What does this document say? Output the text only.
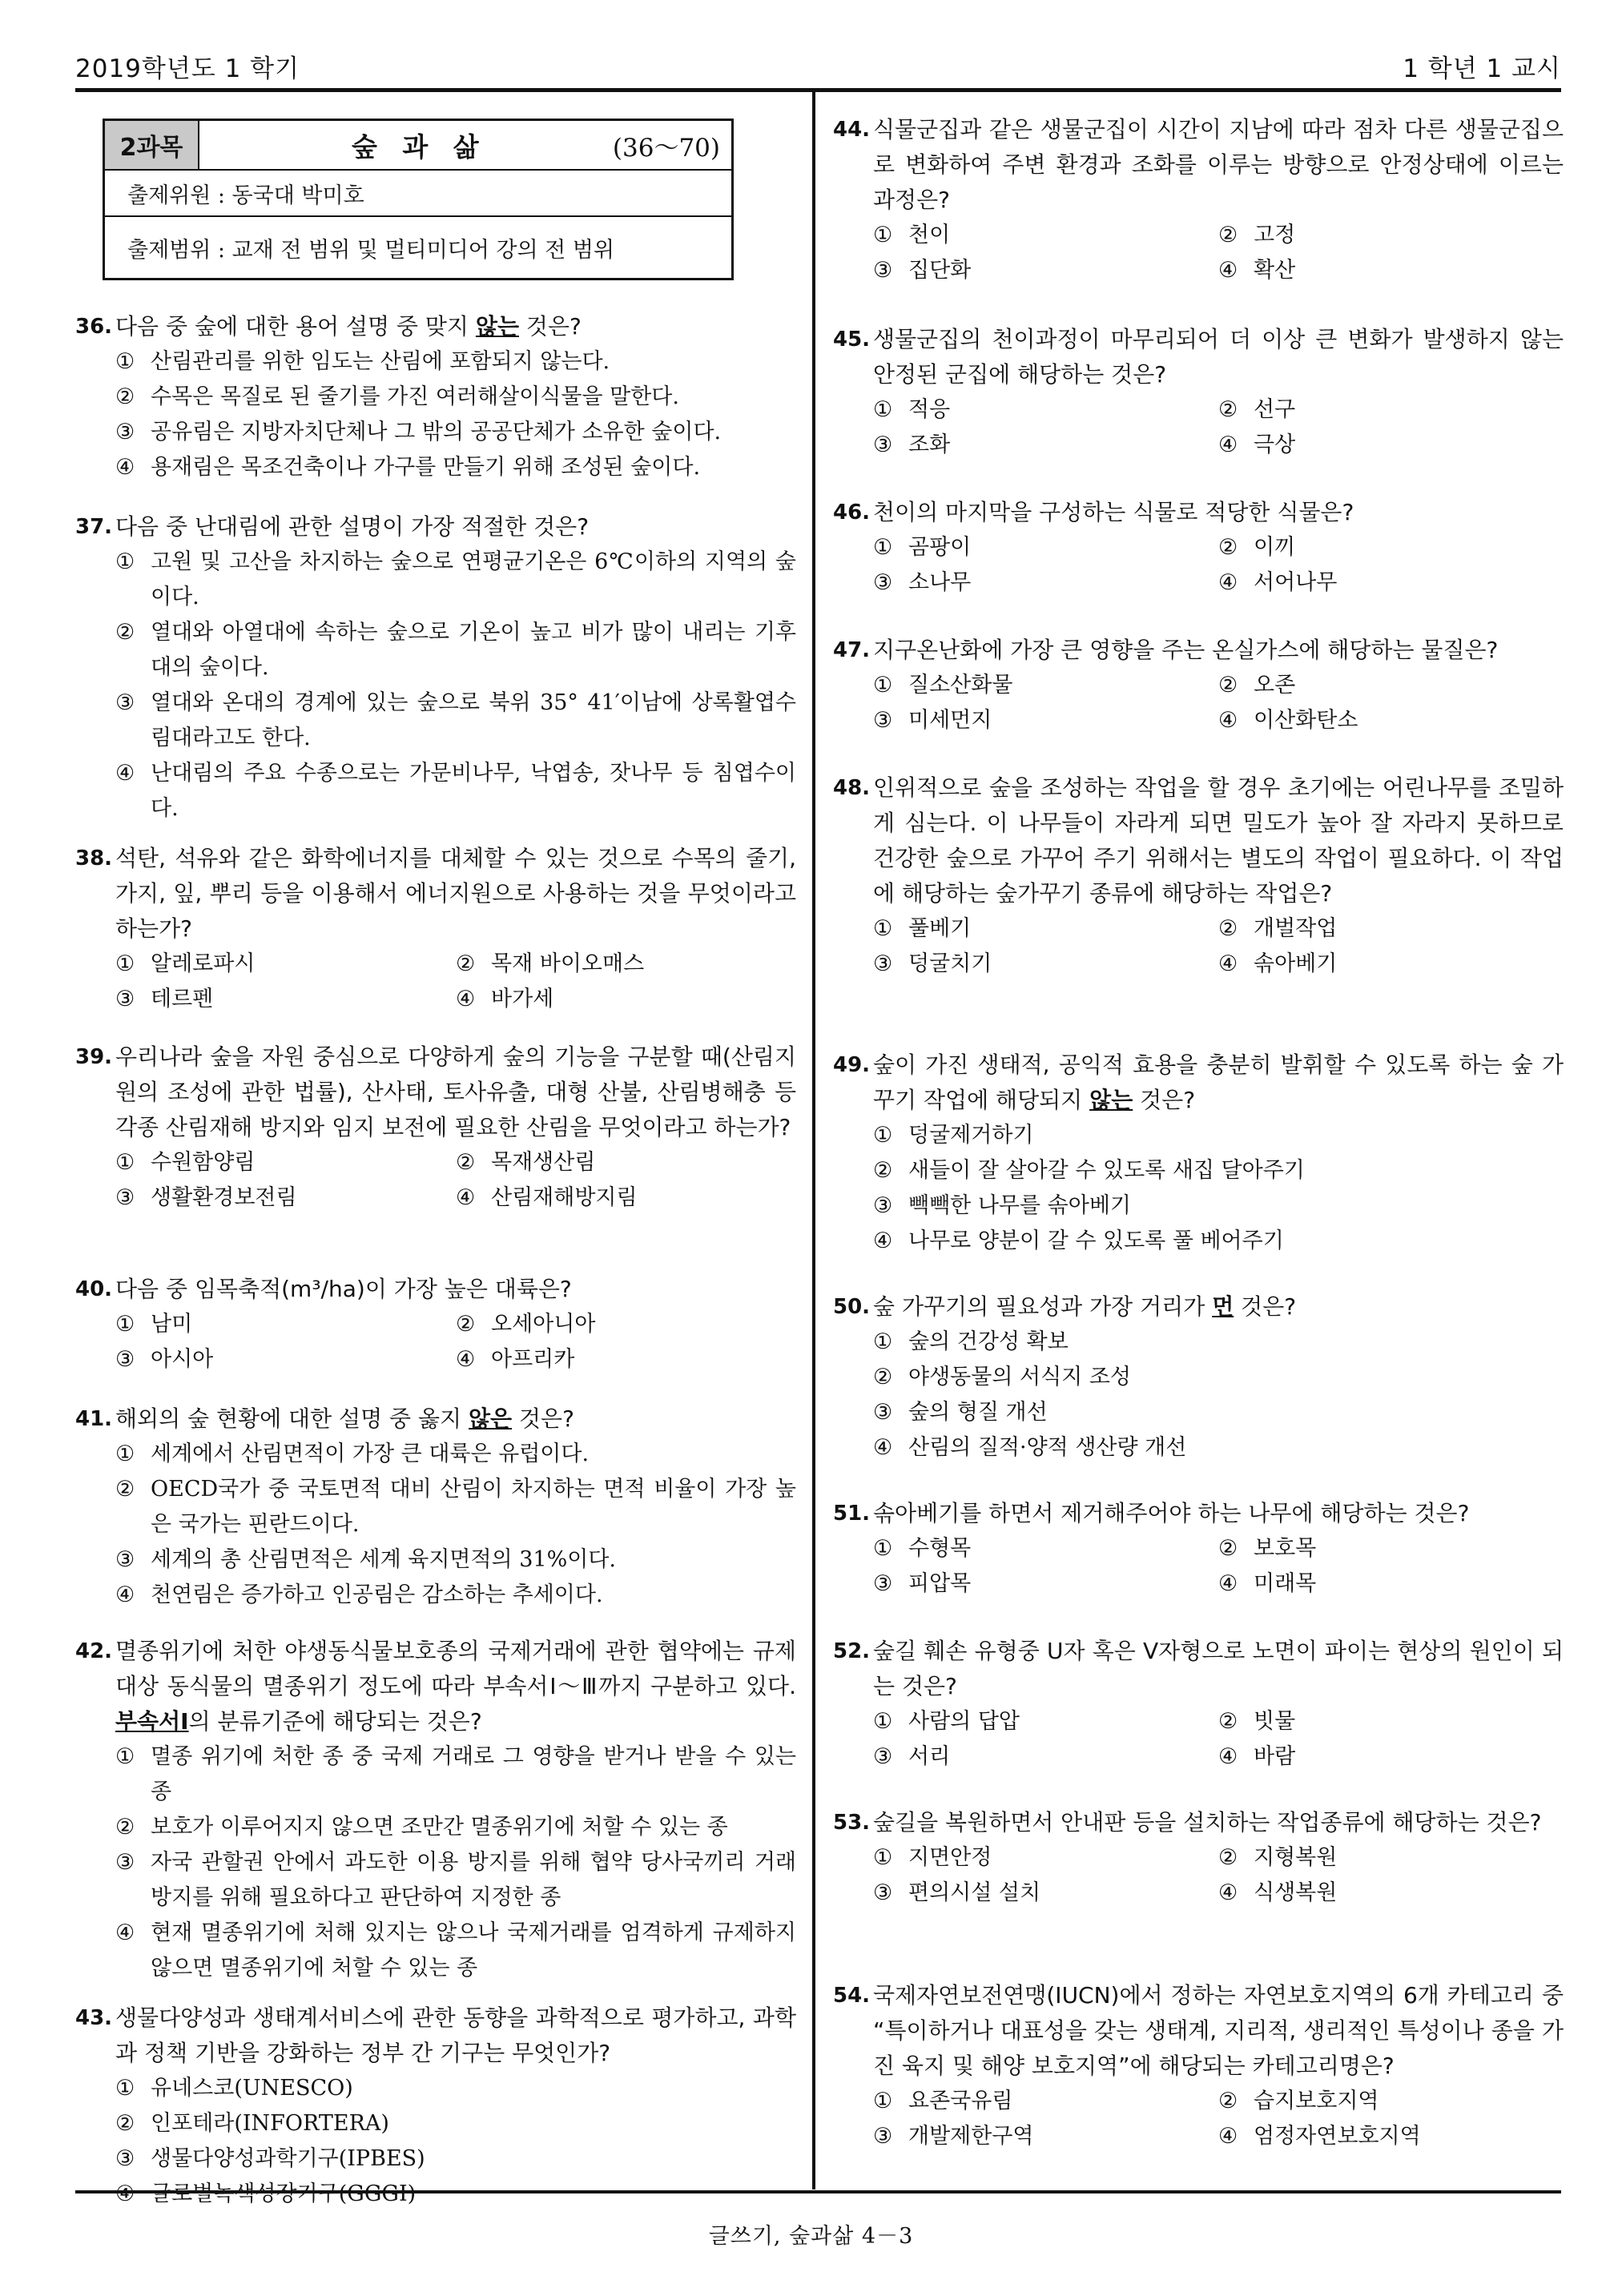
2019학년도 1 학기	1 학년 1 교시
2과목	숲 과 삶	(36～70)
출제위원 : 동국대 박미호
출제범위 : 교재 전 범위 및 멀티미디어 강의 전 범위
36. 다음 중 숲에 대한 용어 설명 중 맞지 않는 것은?
① 산림관리를 위한 임도는 산림에 포함되지 않는다.
② 수목은 목질로 된 줄기를 가진 여러해살이식물을 말한다.
③ 공유림은 지방자치단체나 그 밖의 공공단체가 소유한 숲이다.
④ 용재림은 목조건축이나 가구를 만들기 위해 조성된 숲이다.
37. 다음 중 난대림에 관한 설명이 가장 적절한 것은?
① 고원 및 고산을 차지하는 숲으로 연평균기온은 6℃이하의 지역의 숲이다.
② 열대와 아열대에 속하는 숲으로 기온이 높고 비가 많이 내리는 기후대의 숲이다.
③ 열대와 온대의 경계에 있는 숲으로 북위 35° 41′이남에 상록활엽수림대라고도 한다.
④ 난대림의 주요 수종으로는 가문비나무, 낙엽송, 잣나무 등 침엽수이다.
38. 석탄, 석유와 같은 화학에너지를 대체할 수 있는 것으로 수목의 줄기, 가지, 잎, 뿌리 등을 이용해서 에너지원으로 사용하는 것을 무엇이라고 하는가?
① 알레로파시	② 목재 바이오매스
③ 테르펜	④ 바가세
39. 우리나라 숲을 자원 중심으로 다양하게 숲의 기능을 구분할 때(산림지원의 조성에 관한 법률), 산사태, 토사유출, 대형 산불, 산림병해충 등 각종 산림재해 방지와 임지 보전에 필요한 산림을 무엇이라고 하는가?
① 수원함양림	② 목재생산림
③ 생활환경보전림	④ 산림재해방지림
40. 다음 중 임목축적(m³/ha)이 가장 높은 대륙은?
① 남미	② 오세아니아
③ 아시아	④ 아프리카
41. 해외의 숲 현황에 대한 설명 중 옳지 않은 것은?
① 세계에서 산림면적이 가장 큰 대륙은 유럽이다.
② OECD국가 중 국토면적 대비 산림이 차지하는 면적 비율이 가장 높은 국가는 핀란드이다.
③ 세계의 총 산림면적은 세계 육지면적의 31%이다.
④ 천연림은 증가하고 인공림은 감소하는 추세이다.
42. 멸종위기에 처한 야생동식물보호종의 국제거래에 관한 협약에는 규제 대상 동식물의 멸종위기 정도에 따라 부속서Ⅰ～Ⅲ까지 구분하고 있다. 부속서Ⅰ의 분류기준에 해당되는 것은?
① 멸종 위기에 처한 종 중 국제 거래로 그 영향을 받거나 받을 수 있는 종
② 보호가 이루어지지 않으면 조만간 멸종위기에 처할 수 있는 종
③ 자국 관할권 안에서 과도한 이용 방지를 위해 협약 당사국끼리 거래 방지를 위해 필요하다고 판단하여 지정한 종
④ 현재 멸종위기에 처해 있지는 않으나 국제거래를 엄격하게 규제하지 않으면 멸종위기에 처할 수 있는 종
43. 생물다양성과 생태계서비스에 관한 동향을 과학적으로 평가하고, 과학과 정책 기반을 강화하는 정부 간 기구는 무엇인가?
① 유네스코(UNESCO)
② 인포테라(INFORTERA)
③ 생물다양성과학기구(IPBES)
④ 글로벌녹색성장기구(GGGI)
44. 식물군집과 같은 생물군집이 시간이 지남에 따라 점차 다른 생물군집으로 변화하여 주변 환경과 조화를 이루는 방향으로 안정상태에 이르는 과정은?
① 천이	② 고정
③ 집단화	④ 확산
45. 생물군집의 천이과정이 마무리되어 더 이상 큰 변화가 발생하지 않는 안정된 군집에 해당하는 것은?
① 적응	② 선구
③ 조화	④ 극상
46. 천이의 마지막을 구성하는 식물로 적당한 식물은?
① 곰팡이	② 이끼
③ 소나무	④ 서어나무
47. 지구온난화에 가장 큰 영향을 주는 온실가스에 해당하는 물질은?
① 질소산화물	② 오존
③ 미세먼지	④ 이산화탄소
48. 인위적으로 숲을 조성하는 작업을 할 경우 초기에는 어린나무를 조밀하게 심는다. 이 나무들이 자라게 되면 밀도가 높아 잘 자라지 못하므로 건강한 숲으로 가꾸어 주기 위해서는 별도의 작업이 필요하다. 이 작업에 해당하는 숲가꾸기 종류에 해당하는 작업은?
① 풀베기	② 개벌작업
③ 덩굴치기	④ 솎아베기
49. 숲이 가진 생태적, 공익적 효용을 충분히 발휘할 수 있도록 하는 숲 가꾸기 작업에 해당되지 않는 것은?
① 덩굴제거하기
② 새들이 잘 살아갈 수 있도록 새집 달아주기
③ 빽빽한 나무를 솎아베기
④ 나무로 양분이 갈 수 있도록 풀 베어주기
50. 숲 가꾸기의 필요성과 가장 거리가 먼 것은?
① 숲의 건강성 확보
② 야생동물의 서식지 조성
③ 숲의 형질 개선
④ 산림의 질적·양적 생산량 개선
51. 솎아베기를 하면서 제거해주어야 하는 나무에 해당하는 것은?
① 수형목	② 보호목
③ 피압목	④ 미래목
52. 숲길 훼손 유형중 U자 혹은 V자형으로 노면이 파이는 현상의 원인이 되는 것은?
① 사람의 답압	② 빗물
③ 서리	④ 바람
53. 숲길을 복원하면서 안내판 등을 설치하는 작업종류에 해당하는 것은?
① 지면안정	② 지형복원
③ 편의시설 설치	④ 식생복원
54. 국제자연보전연맹(IUCN)에서 정하는 자연보호지역의 6개 카테고리 중 “특이하거나 대표성을 갖는 생태계, 지리적, 생리적인 특성이나 종을 가진 육지 및 해양 보호지역”에 해당되는 카테고리명은?
① 요존국유림	② 습지보호지역
③ 개발제한구역	④ 엄정자연보호지역
글쓰기, 숲과삶 4－3
